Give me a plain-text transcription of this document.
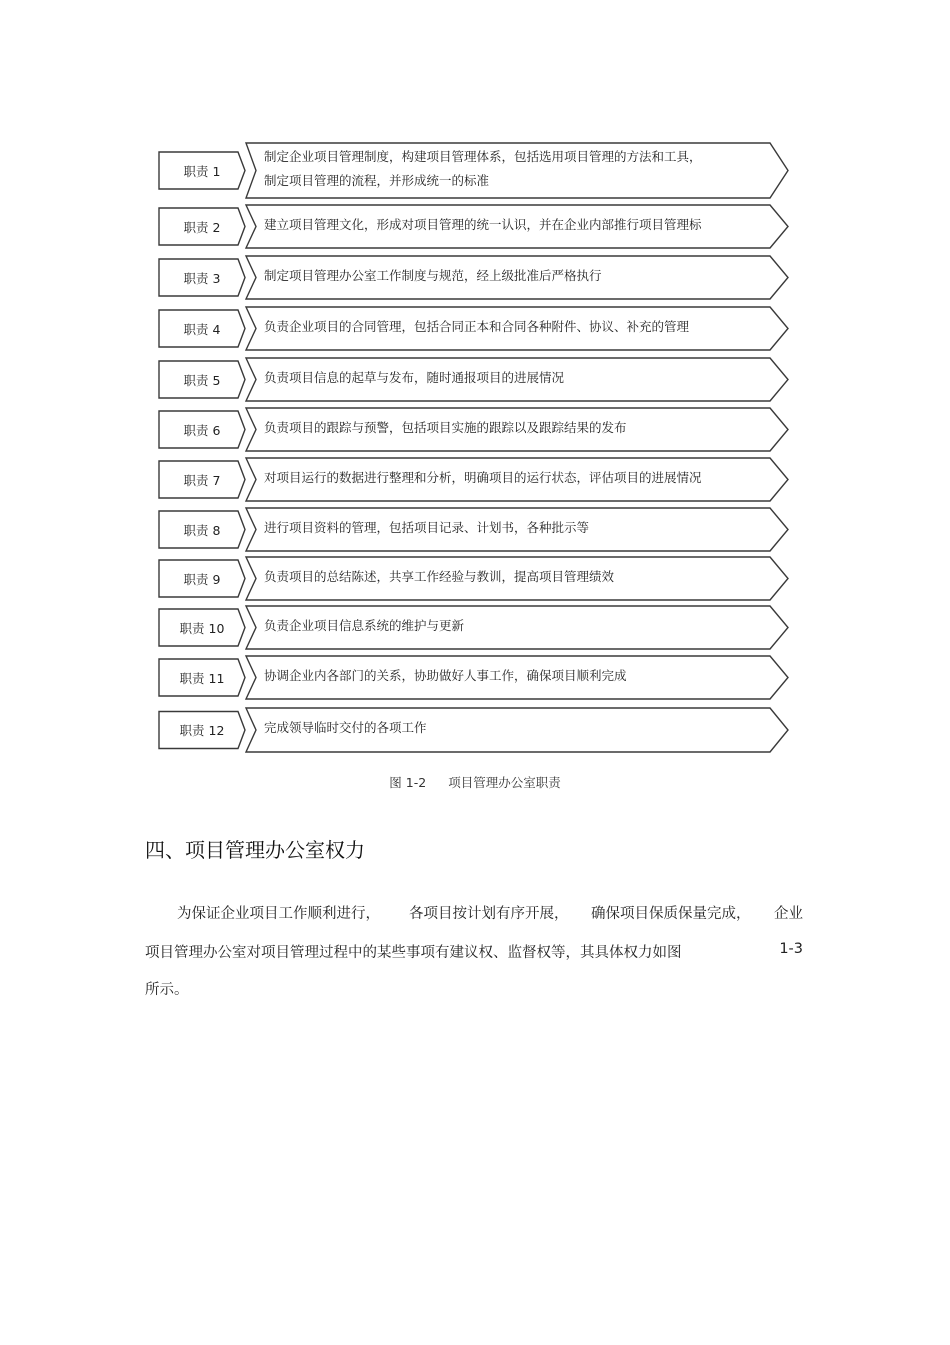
职责 1
制定企业项目管理制度，构建项目管理体系，包括选用项目管理的方法和工具，
制定项目管理的流程，并形成统一的标准
职责 2	建立项目管理文化，形成对项目管理的统一认识，并在企业内部推行项目管理标
职责 3	制定项目管理办公室工作制度与规范，经上级批准后严格执行
职责 4	负责企业项目的合同管理，包括合同正本和合同各种附件、协议、补充的管理
职责 5	负责项目信息的起草与发布，随时通报项目的进展情况
职责 6	负责项目的跟踪与预警，包括项目实施的跟踪以及跟踪结果的发布
职责 7	对项目运行的数据进行整理和分析，明确项目的运行状态，评估项目的进展情况
职责 8	进行项目资料的管理，包括项目记录、计划书，各种批示等
职责 9	负责项目的总结陈述，共享工作经验与教训，提高项目管理绩效
职责 10	负责企业项目信息系统的维护与更新
职责 11	协调企业内各部门的关系，协助做好人事工作，确保项目顺利完成
职责 12	完成领导临时交付的各项工作
图 1-2 项目管理办公室职责
四、项目管理办公室权力
为保证企业项目工作顺利进行， 各项目按计划有序开展， 确保项目保质保量完成， 企业
项目管理办公室对项目管理过程中的某些事项有建议权、监督权等，其具体权力如图	1-3
所示。
